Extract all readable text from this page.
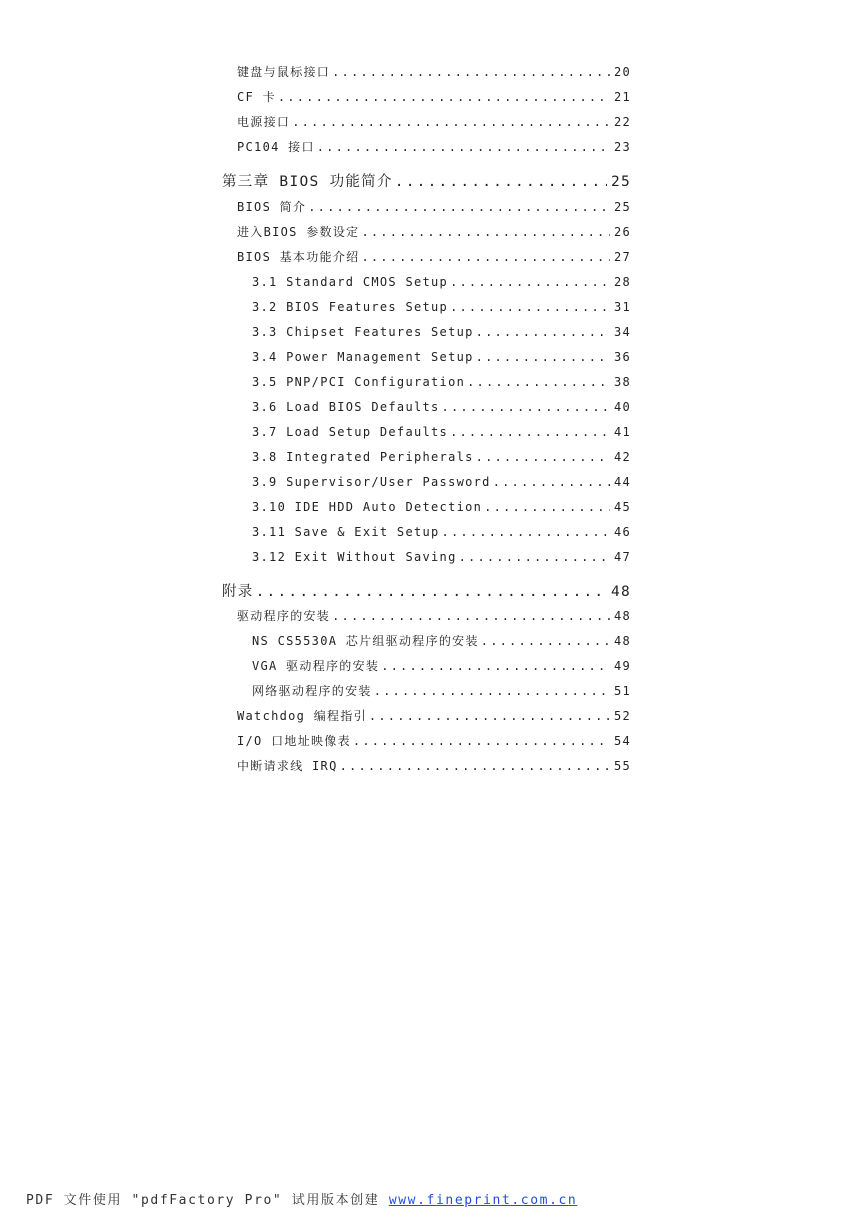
键盘与鼠标接口 .....	20
CF 卡 .....	21
电源接口 .....	22
PC104 接口 .....	23
第三章 BIOS 功能简介 .....	25
BIOS 简介 .....	25
进入BIOS 参数设定 .....	26
BIOS 基本功能介绍 .....	27
3.1 Standard CMOS Setup .....	28
3.2 BIOS Features Setup .....	31
3.3 Chipset Features Setup .....	34
3.4 Power Management Setup .....	36
3.5 PNP/PCI Configuration .....	38
3.6 Load BIOS Defaults .....	40
3.7 Load Setup Defaults .....	41
3.8 Integrated Peripherals .....	42
3.9 Supervisor/User Password .....	44
3.10 IDE HDD Auto Detection .....	45
3.11 Save & Exit Setup .....	46
3.12 Exit Without Saving .....	47
附录 .....	48
驱动程序的安装 .....	48
NS CS5530A 芯片组驱动程序的安装 .....	48
VGA 驱动程序的安装 .....	49
网络驱动程序的安装 .....	51
Watchdog 编程指引 .....	52
I/O 口地址映像表 .....	54
中断请求线 IRQ .....	55
PDF 文件使用 "pdfFactory Pro" 试用版本创建 www.fineprint.com.cn
